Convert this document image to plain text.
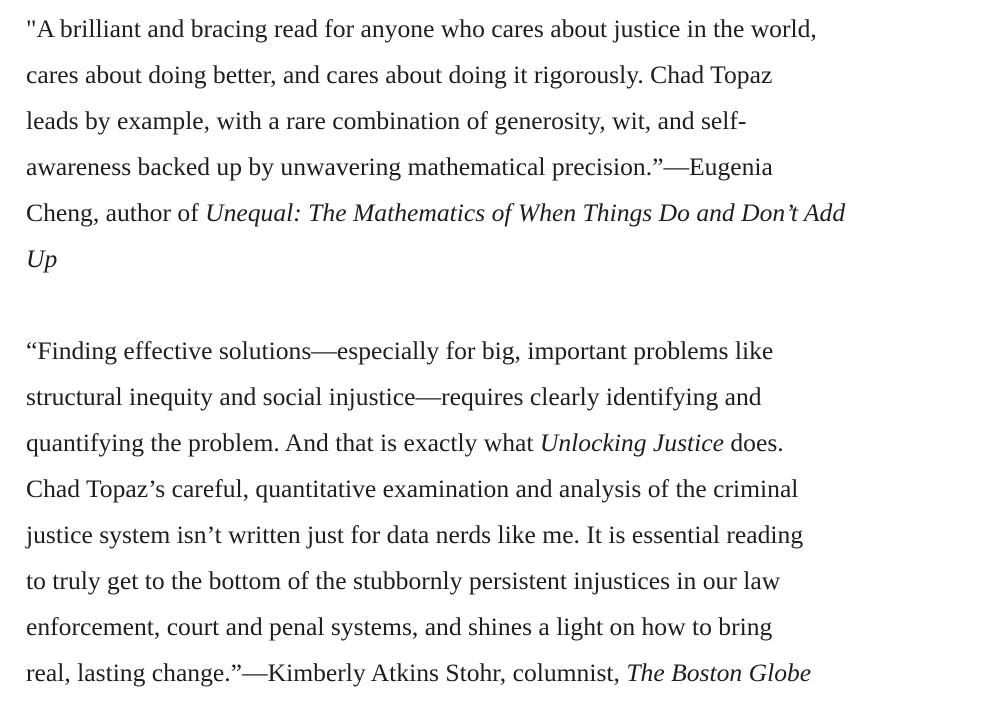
"A brilliant and bracing read for anyone who cares about justice in the world,
cares about doing better, and cares about doing it rigorously. Chad Topaz
leads by example, with a rare combination of generosity, wit, and self-
awareness backed up by unwavering mathematical precision.”—Eugenia
Cheng, author of Unequal: The Mathematics of When Things Do and Don’t Add
Up

“Finding effective solutions—especially for big, important problems like
structural inequity and social injustice—requires clearly identifying and
quantifying the problem. And that is exactly what Unlocking Justice does.
Chad Topaz’s careful, quantitative examination and analysis of the criminal
justice system isn’t written just for data nerds like me. It is essential reading
to truly get to the bottom of the stubbornly persistent injustices in our law
enforcement, court and penal systems, and shines a light on how to bring
real, lasting change.”—Kimberly Atkins Stohr, columnist, The Boston Globe
